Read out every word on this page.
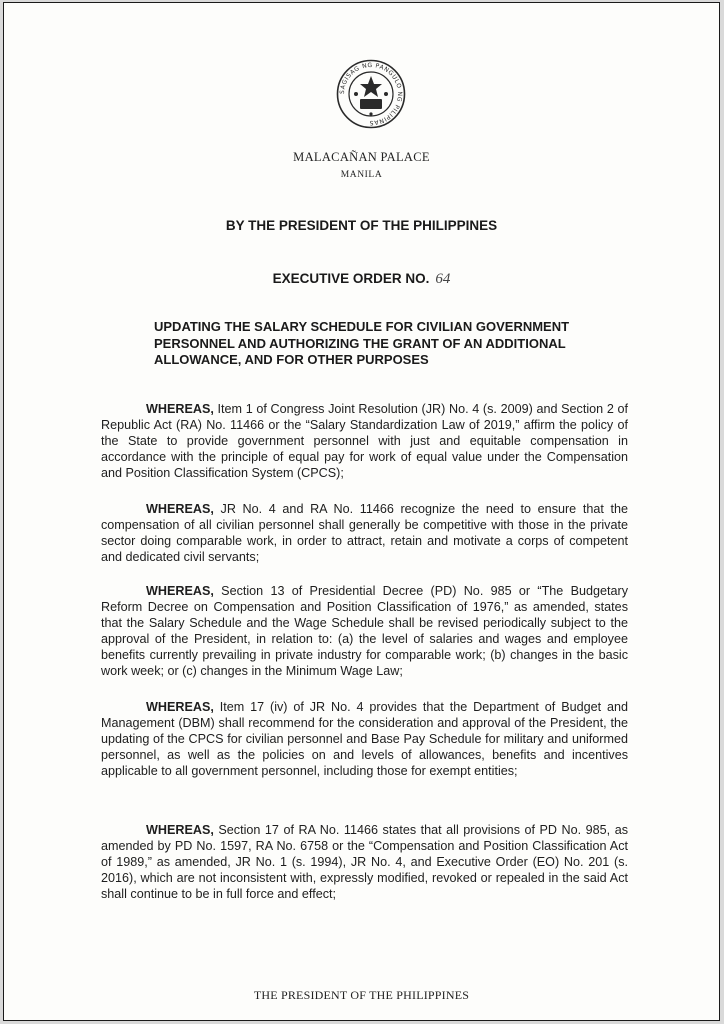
SAGISAG NG PANGULO NG PILIPINAS
MALACAÑAN PALACE
MANILA
BY THE PRESIDENT OF THE PHILIPPINES
EXECUTIVE ORDER NO. 64

UPDATING THE SALARY SCHEDULE FOR CIVILIAN GOVERNMENT PERSONNEL AND AUTHORIZING THE GRANT OF AN ADDITIONAL ALLOWANCE, AND FOR OTHER PURPOSES

WHEREAS, Item 1 of Congress Joint Resolution (JR) No. 4 (s. 2009) and Section 2 of Republic Act (RA) No. 11466 or the “Salary Standardization Law of 2019,” affirm the policy of the State to provide government personnel with just and equitable compensation in accordance with the principle of equal pay for work of equal value under the Compensation and Position Classification System (CPCS);

WHEREAS, JR No. 4 and RA No. 11466 recognize the need to ensure that the compensation of all civilian personnel shall generally be competitive with those in the private sector doing comparable work, in order to attract, retain and motivate a corps of competent and dedicated civil servants;

WHEREAS, Section 13 of Presidential Decree (PD) No. 985 or “The Budgetary Reform Decree on Compensation and Position Classification of 1976,” as amended, states that the Salary Schedule and the Wage Schedule shall be revised periodically subject to the approval of the President, in relation to: (a) the level of salaries and wages and employee benefits currently prevailing in private industry for comparable work; (b) changes in the basic work week; or (c) changes in the Minimum Wage Law;

WHEREAS, Item 17 (iv) of JR No. 4 provides that the Department of Budget and Management (DBM) shall recommend for the consideration and approval of the President, the updating of the CPCS for civilian personnel and Base Pay Schedule for military and uniformed personnel, as well as the policies on and levels of allowances, benefits and incentives applicable to all government personnel, including those for exempt entities;

WHEREAS, Section 17 of RA No. 11466 states that all provisions of PD No. 985, as amended by PD No. 1597, RA No. 6758 or the “Compensation and Position Classification Act of 1989,” as amended, JR No. 1 (s. 1994), JR No. 4, and Executive Order (EO) No. 201 (s. 2016), which are not inconsistent with, expressly modified, revoked or repealed in the said Act shall continue to be in full force and effect;

THE PRESIDENT OF THE PHILIPPINES
